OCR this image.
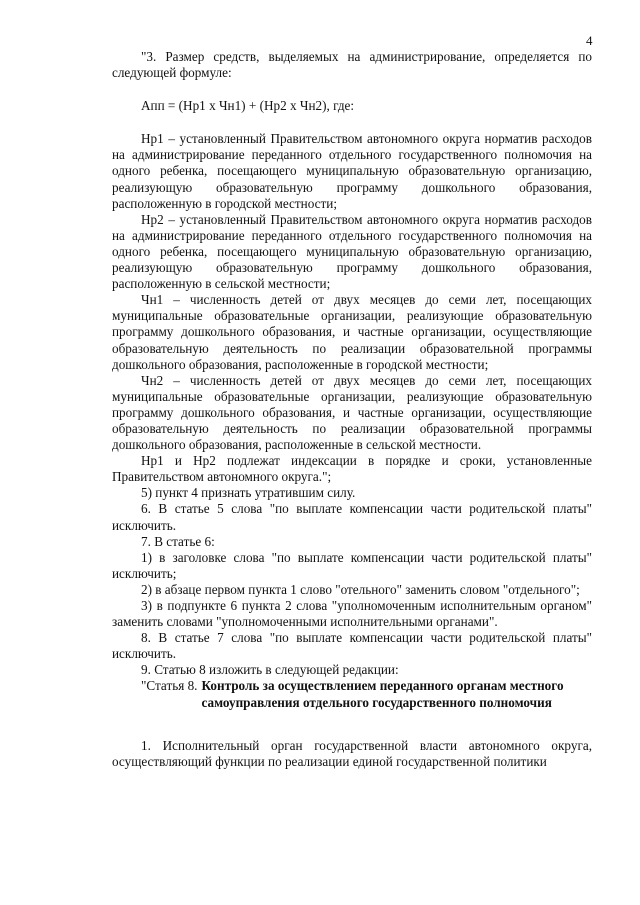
4

"3. Размер средств, выделяемых на администрирование, определяется по следующей формуле:

Апп = (Нр1 x Чн1) + (Нр2 x Чн2), где:

Нр1 – установленный Правительством автономного округа норматив расходов на администрирование переданного отдельного государственного полномочия на одного ребенка, посещающего муниципальную образовательную организацию, реализующую образовательную программу дошкольного образования, расположенную в городской местности;

Нр2 – установленный Правительством автономного округа норматив расходов на администрирование переданного отдельного государственного полномочия на одного ребенка, посещающего муниципальную образовательную организацию, реализующую образовательную программу дошкольного образования, расположенную в сельской местности;

Чн1 – численность детей от двух месяцев до семи лет, посещающих муниципальные образовательные организации, реализующие образовательную программу дошкольного образования, и частные организации, осуществляющие образовательную деятельность по реализации образовательной программы дошкольного образования, расположенные в городской местности;

Чн2 – численность детей от двух месяцев до семи лет, посещающих муниципальные образовательные организации, реализующие образовательную программу дошкольного образования, и частные организации, осуществляющие образовательную деятельность по реализации образовательной программы дошкольного образования, расположенные в сельской местности.

Нр1 и Нр2 подлежат индексации в порядке и сроки, установленные Правительством автономного округа.";

5) пункт 4 признать утратившим силу.

6. В статье 5 слова "по выплате компенсации части родительской платы" исключить.

7. В статье 6:

1) в заголовке слова "по выплате компенсации части родительской платы" исключить;

2) в абзаце первом пункта 1 слово "отельного" заменить словом "отдельного";

3) в подпункте 6 пункта 2 слова "уполномоченным исполнительным органом" заменить словами "уполномоченными исполнительными органами".

8. В статье 7 слова "по выплате компенсации части родительской платы" исключить.

9. Статью 8 изложить в следующей редакции:

"Статья 8. Контроль за осуществлением переданного органам местного самоуправления отдельного государственного полномочия

1. Исполнительный орган государственной власти автономного округа, осуществляющий функции по реализации единой государственной политики
